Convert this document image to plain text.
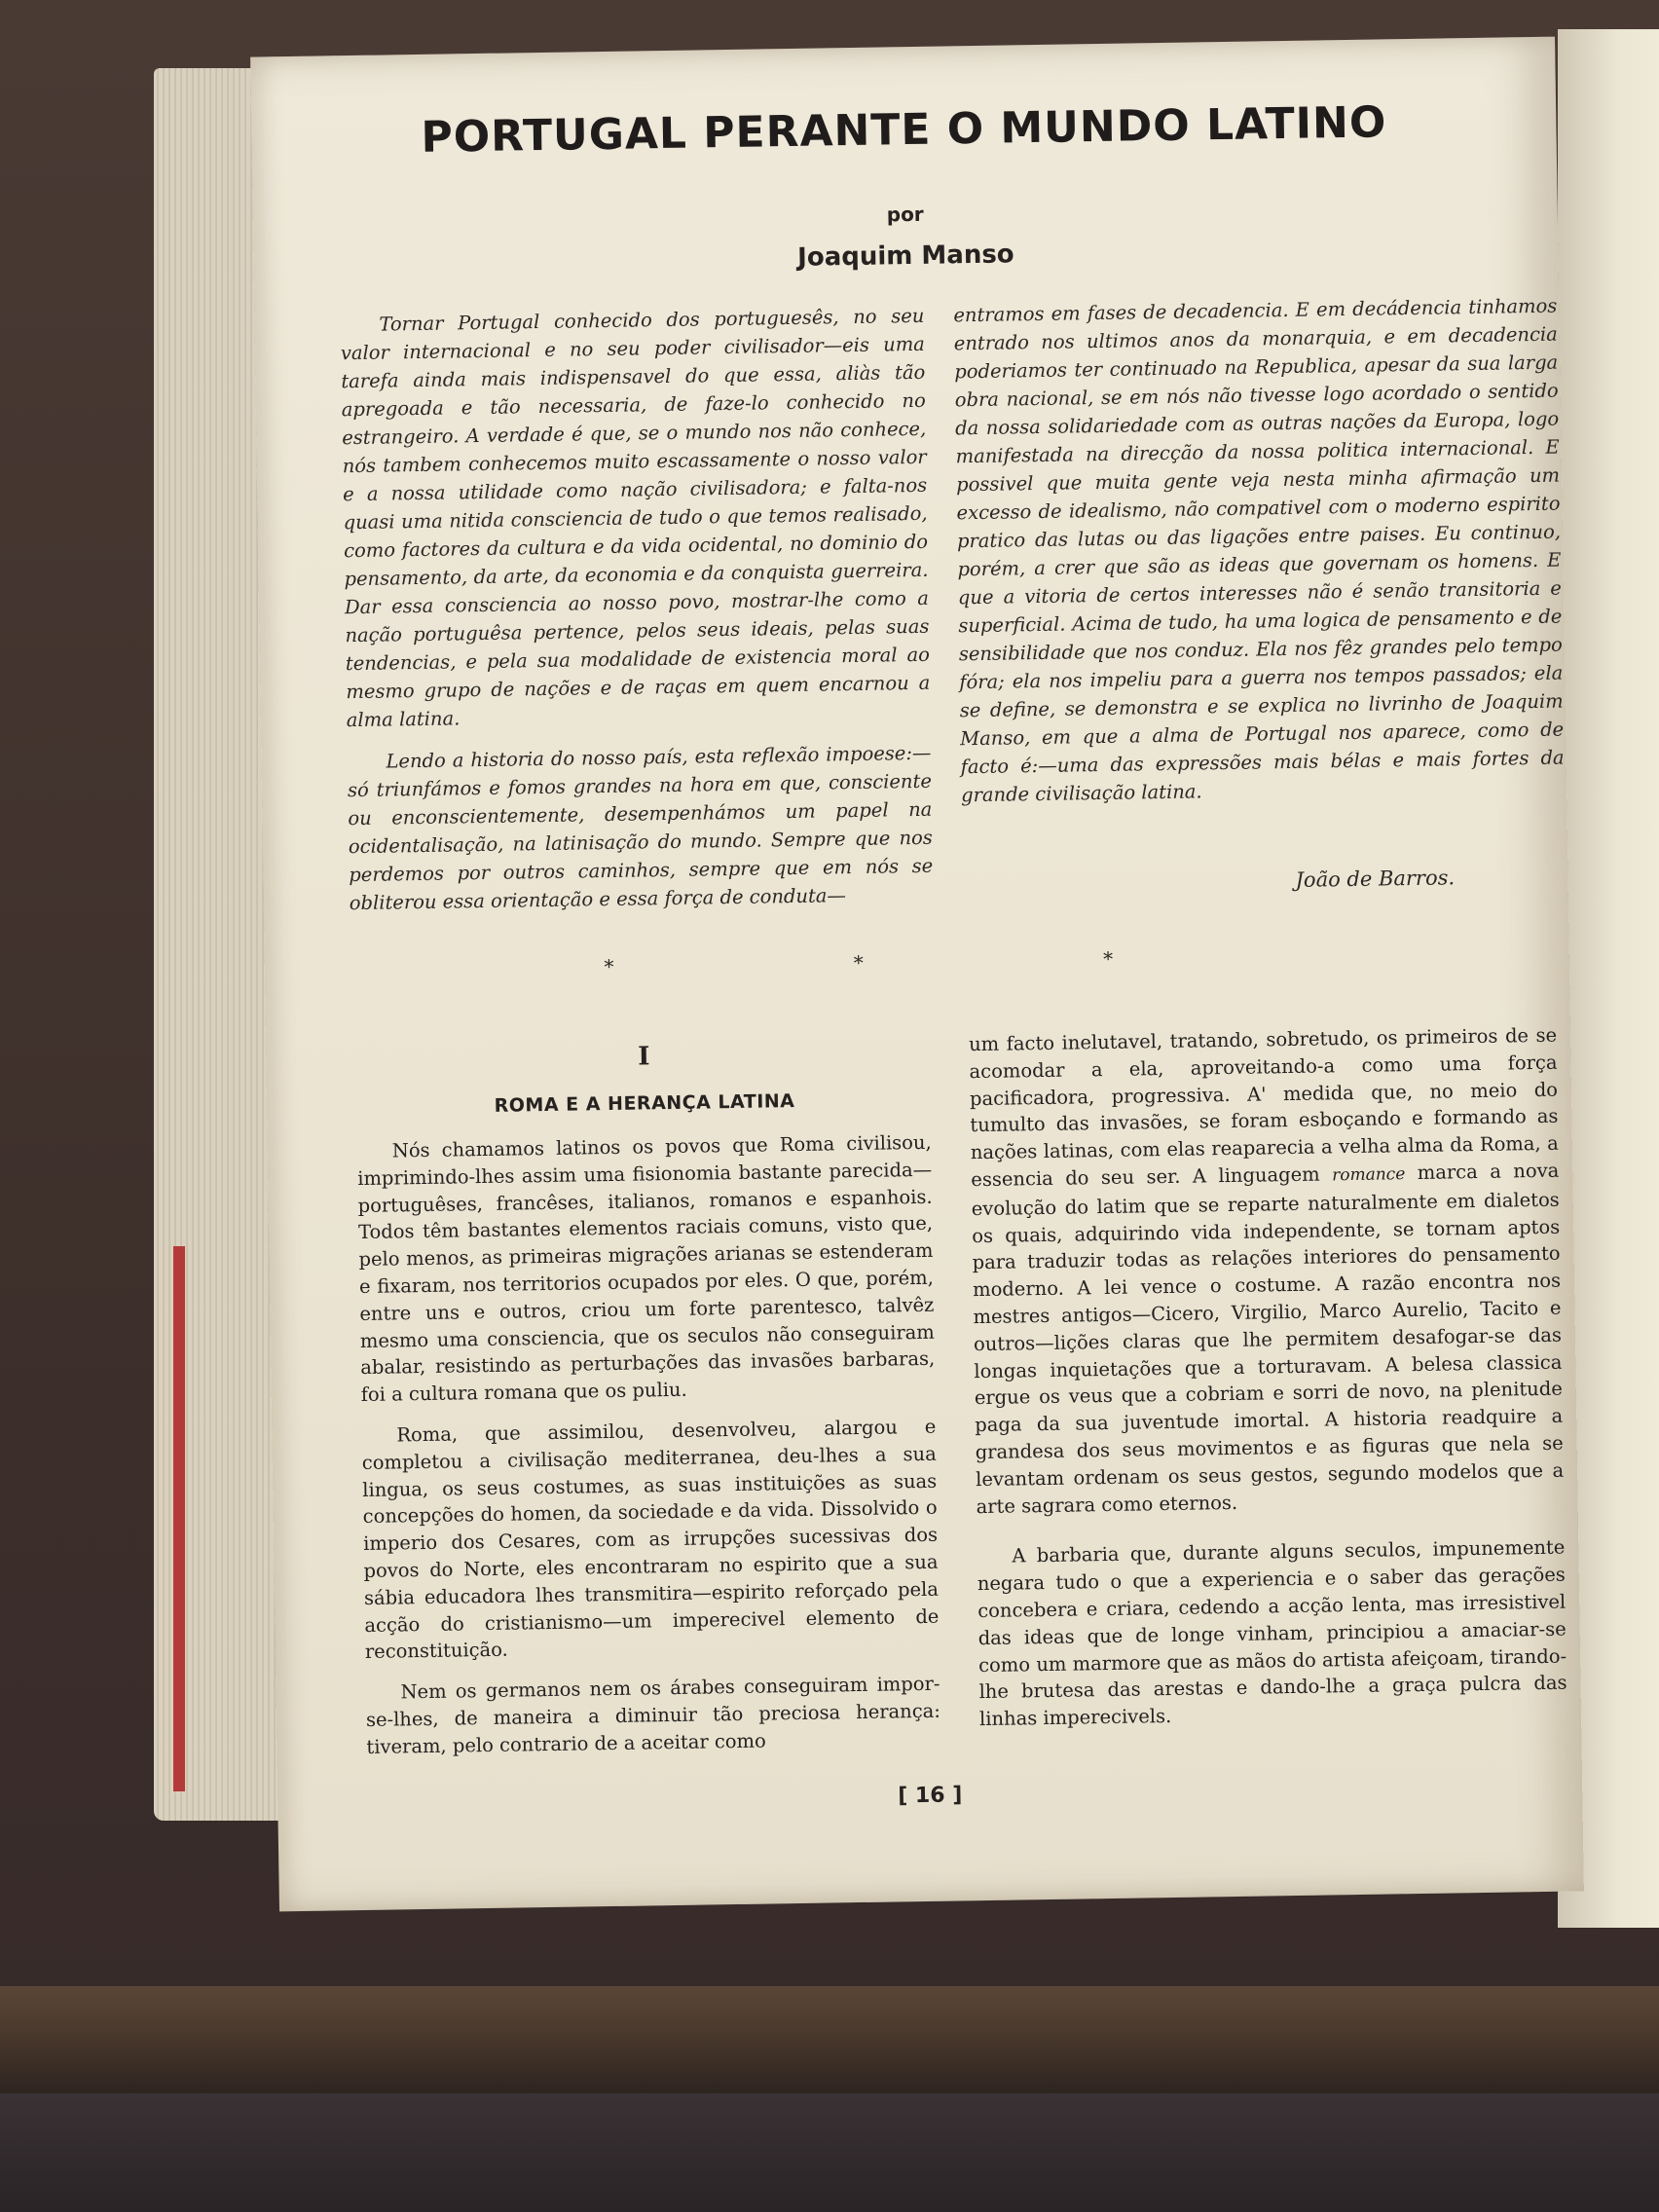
PORTUGAL PERANTE O MUNDO LATINO
por
Joaquim Manso

Tornar Portugal conhecido dos portuguesês, no seu valor internacional e no seu poder civilisador—eis uma tarefa ainda mais indispensavel do que essa, aliàs tão apregoada e tão necessaria, de faze-lo conhecido no estrangeiro. A verdade é que, se o mundo nos não conhece, nós tambem conhecemos muito escassamente o nosso valor e a nossa utilidade como nação civilisadora; e falta-nos quasi uma nitida consciencia de tudo o que temos realisado, como factores da cultura e da vida ocidental, no dominio do pensamento, da arte, da economia e da conquista guerreira. Dar essa consciencia ao nosso povo, mostrar-lhe como a nação portuguêsa pertence, pelos seus ideais, pelas suas tendencias, e pela sua modalidade de existencia moral ao mesmo grupo de nações e de raças em quem encarnou a alma latina.

Lendo a historia do nosso país, esta reflexão impoese:—só triunfámos e fomos grandes na hora em que, consciente ou enconscientemente, desempenhámos um papel na ocidentalisação, na latinisação do mundo. Sempre que nos perdemos por outros caminhos, sempre que em nós se obliterou essa orientação e essa força de conduta—

entramos em fases de decadencia. E em decádencia tinhamos entrado nos ultimos anos da monarquia, e em decadencia poderiamos ter continuado na Republica, apesar da sua larga obra nacional, se em nós não tivesse logo acordado o sentido da nossa solidariedade com as outras nações da Europa, logo manifestada na direcção da nossa politica internacional. E possivel que muita gente veja nesta minha afirmação um excesso de idealismo, não compativel com o moderno espirito pratico das lutas ou das ligações entre paises. Eu continuo, porém, a crer que são as ideas que governam os homens. E que a vitoria de certos interesses não é senão transitoria e superficial. Acima de tudo, ha uma logica de pensamento e de sensibilidade que nos conduz. Ela nos fêz grandes pelo tempo fóra; ela nos impeliu para a guerra nos tempos passados; ela se define, se demonstra e se explica no livrinho de Joaquim Manso, em que a alma de Portugal nos aparece, como de facto é:—uma das expressões mais bélas e mais fortes da grande civilisação latina.

João de Barros.
* * *
I
ROMA E A HERANÇA LATINA

Nós chamamos latinos os povos que Roma civilisou, imprimindo-lhes assim uma fisionomia bastante parecida—portuguêses, francêses, italianos, romanos e espanhois. Todos têm bastantes elementos raciais comuns, visto que, pelo menos, as primeiras migrações arianas se estenderam e fixaram, nos territorios ocupados por eles. O que, porém, entre uns e outros, criou um forte parentesco, talvêz mesmo uma consciencia, que os seculos não conseguiram abalar, resistindo as perturbações das invasões barbaras, foi a cultura romana que os puliu.

Roma, que assimilou, desenvolveu, alargou e completou a civilisação mediterranea, deu-lhes a sua lingua, os seus costumes, as suas instituições as suas concepções do homen, da sociedade e da vida. Dissolvido o imperio dos Cesares, com as irrupções sucessivas dos povos do Norte, eles encontraram no espirito que a sua sábia educadora lhes transmitira—espirito reforçado pela acção do cristianismo—um imperecivel elemento de reconstituição.

Nem os germanos nem os árabes conseguiram impor-se-lhes, de maneira a diminuir tão preciosa herança: tiveram, pelo contrario de a aceitar como

um facto inelutavel, tratando, sobretudo, os primeiros de se acomodar a ela, aproveitando-a como uma força pacificadora, progressiva. A' medida que, no meio do tumulto das invasões, se foram esboçando e formando as nações latinas, com elas reaparecia a velha alma da Roma, a essencia do seu ser. A linguagem romance marca a nova evolução do latim que se reparte naturalmente em dialetos os quais, adquirindo vida independente, se tornam aptos para traduzir todas as relações interiores do pensamento moderno. A lei vence o costume. A razão encontra nos mestres antigos—Cicero, Virgilio, Marco Aurelio, Tacito e outros—lições claras que lhe permitem desafogar-se das longas inquietações que a torturavam. A belesa classica ergue os veus que a cobriam e sorri de novo, na plenitude paga da sua juventude imortal. A historia readquire a grandesa dos seus movimentos e as figuras que nela se levantam ordenam os seus gestos, segundo modelos que a arte sagrara como eternos.

A barbaria que, durante alguns seculos, impunemente negara tudo o que a experiencia e o saber das gerações concebera e criara, cedendo a acção lenta, mas irresistivel das ideas que de longe vinham, principiou a amaciar-se como um marmore que as mãos do artista afeiçoam, tirando-lhe brutesa das arestas e dando-lhe a graça pulcra das linhas imperecivels.

[ 16 ]
